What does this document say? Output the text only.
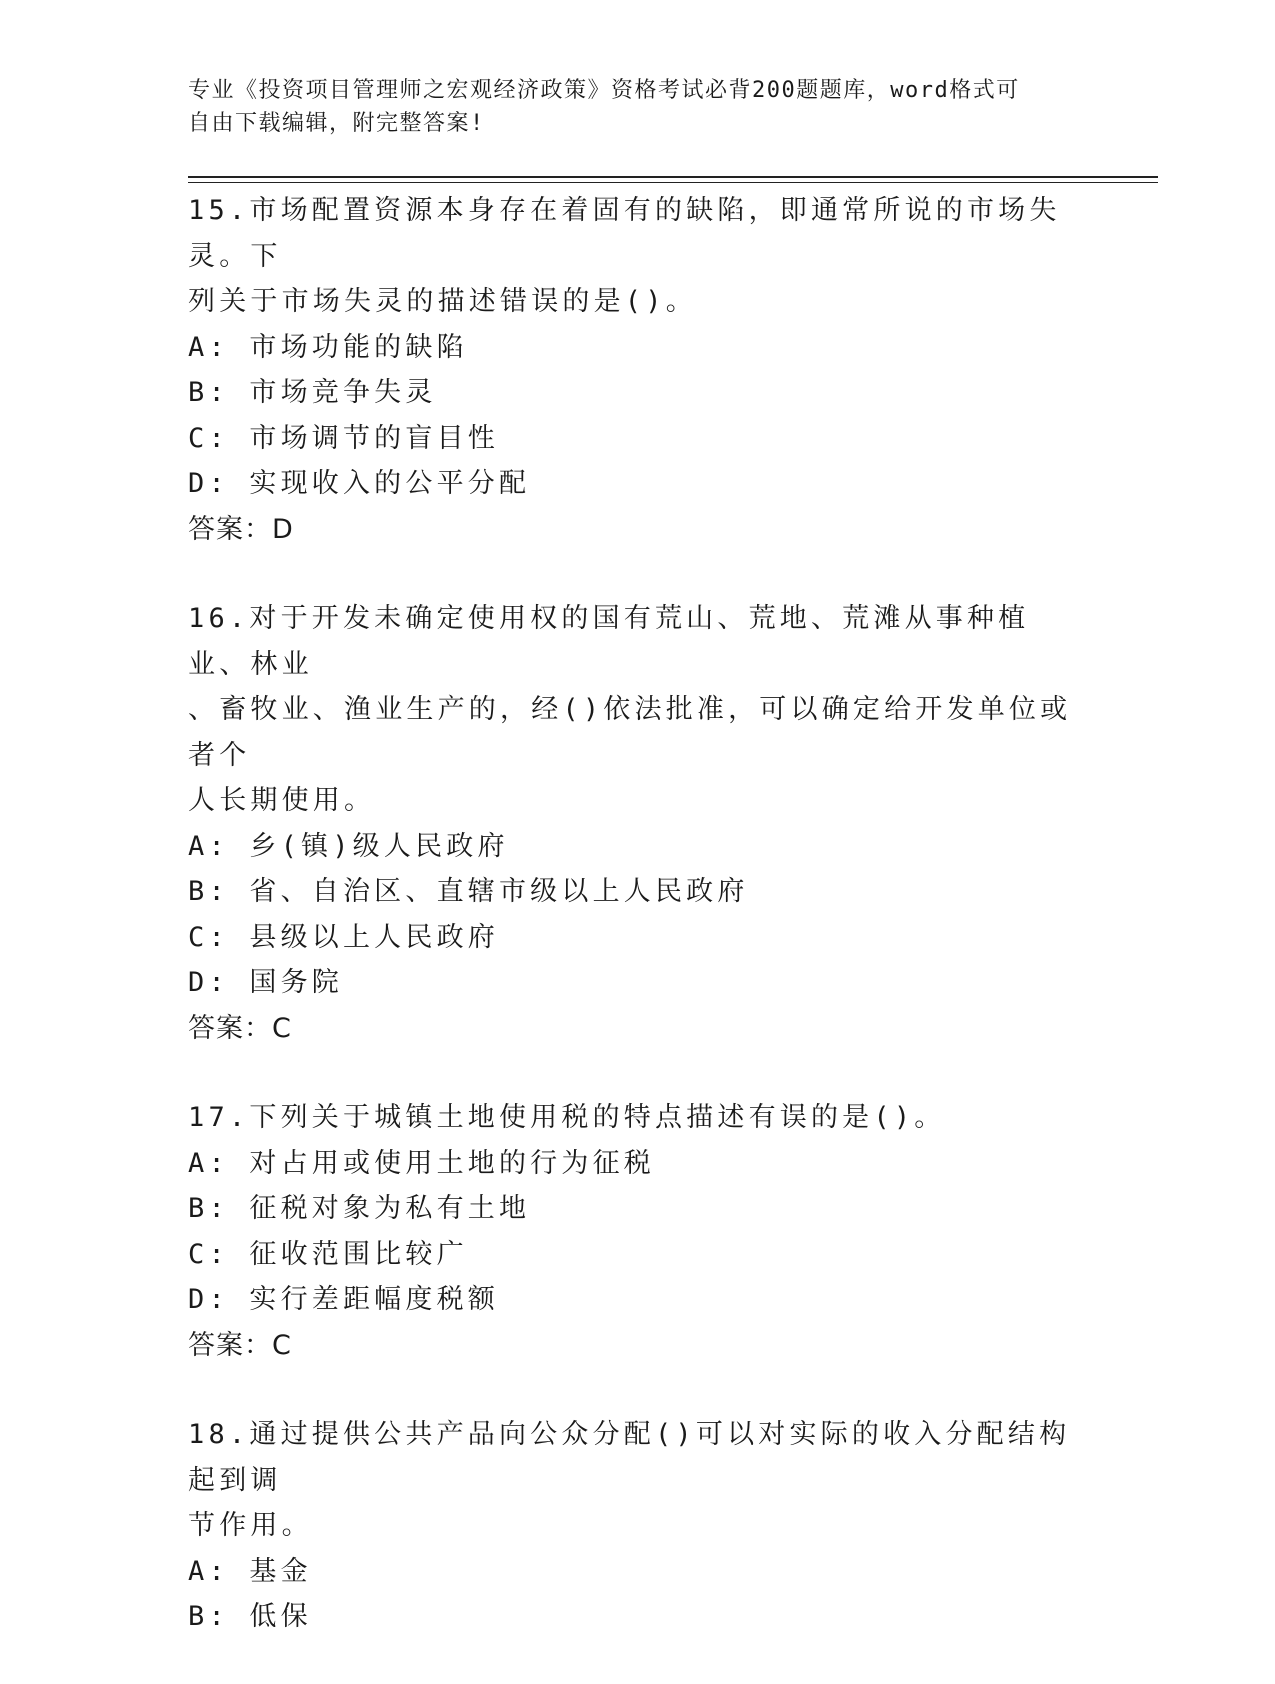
专业《投资项目管理师之宏观经济政策》资格考试必背200题题库，word格式可
自由下载编辑，附完整答案!
15.市场配置资源本身存在着固有的缺陷，即通常所说的市场失灵。下
列关于市场失灵的描述错误的是()。
A: 市场功能的缺陷
B: 市场竞争失灵
C: 市场调节的盲目性
D: 实现收入的公平分配
答案：D
16.对于开发未确定使用权的国有荒山、荒地、荒滩从事种植业、林业
、畜牧业、渔业生产的，经()依法批准，可以确定给开发单位或者个
人长期使用。
A: 乡(镇)级人民政府
B: 省、自治区、直辖市级以上人民政府
C: 县级以上人民政府
D: 国务院
答案：C
17.下列关于城镇土地使用税的特点描述有误的是()。
A: 对占用或使用土地的行为征税
B: 征税对象为私有土地
C: 征收范围比较广
D: 实行差距幅度税额
答案：C
18.通过提供公共产品向公众分配()可以对实际的收入分配结构起到调
节作用。
A: 基金
B: 低保
